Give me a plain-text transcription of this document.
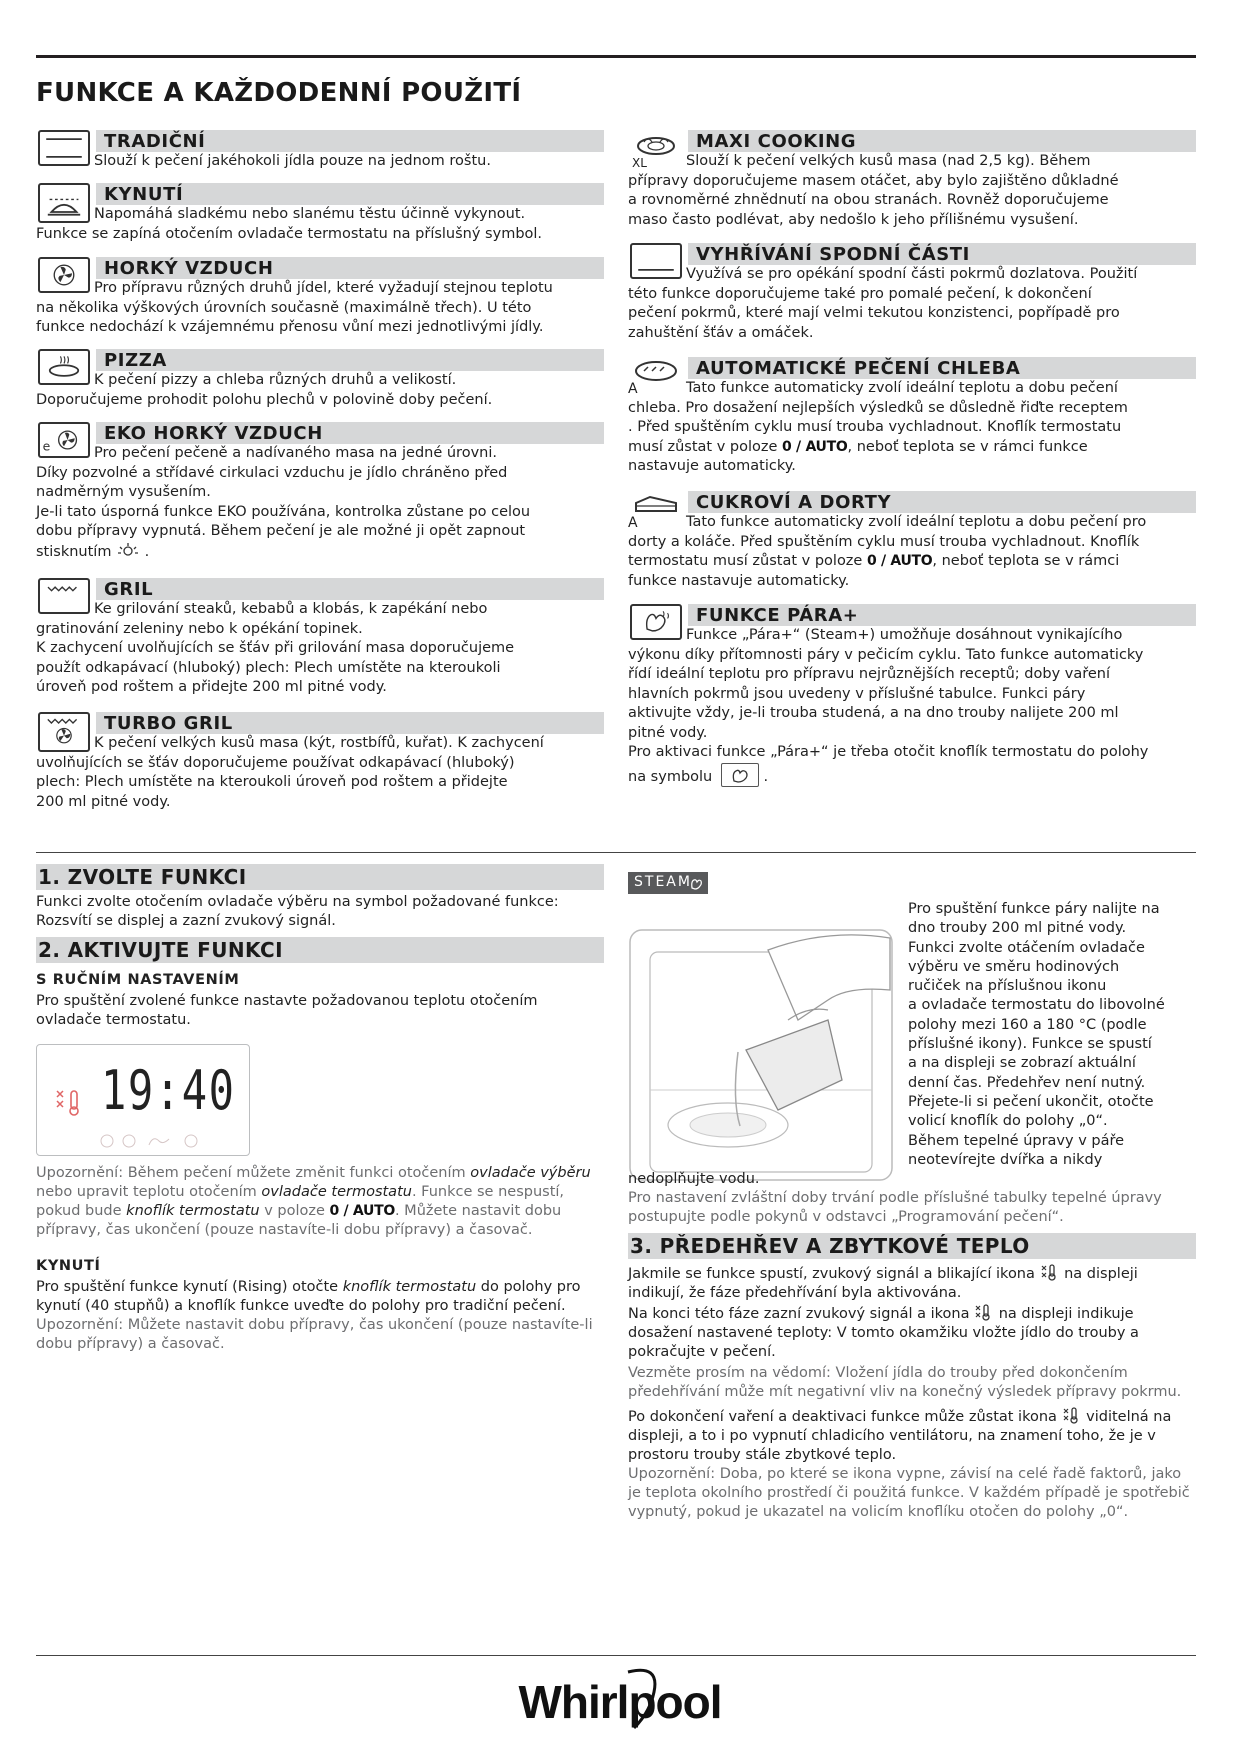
FUNKCE A KAŽDODENNÍ POUŽITÍ
TRADIČNÍ
Slouží k pečení jakéhokoli jídla pouze na jednom roštu.
KYNUTÍ
Napomáhá sladkému nebo slanému těstu účinně vykynout.
Funkce se zapíná otočením ovladače termostatu na příslušný symbol.
HORKÝ VZDUCH
Pro přípravu různých druhů jídel, které vyžadují stejnou teplotu
na několika výškových úrovních současně (maximálně třech). U této
funkce nedochází k vzájemnému přenosu vůní mezi jednotlivými jídly.
PIZZA
K pečení pizzy a chleba různých druhů a velikostí.
Doporučujeme prohodit polohu plechů v polovině doby pečení.
e
EKO HORKÝ VZDUCH
Pro pečení pečeně a nadívaného masa na jedné úrovni.
Díky pozvolné a střídavé cirkulaci vzduchu je jídlo chráněno před
nadměrným vysušením.
Je-li tato úsporná funkce EKO používána, kontrolka zůstane po celou
dobu přípravy vypnutá. Během pečení je ale možné ji opět zapnout
stisknutím .
GRIL
Ke grilování steaků, kebabů a klobás, k zapékání nebo
gratinování zeleniny nebo k opékání topinek.
K zachycení uvolňujících se šťáv při grilování masa doporučujeme
použít odkapávací (hluboký) plech: Plech umístěte na kteroukoli
úroveň pod roštem a přidejte 200 ml pitné vody.
TURBO GRIL
K pečení velkých kusů masa (kýt, rostbífů, kuřat). K zachycení
uvolňujících se šťáv doporučujeme používat odkapávací (hluboký)
plech: Plech umístěte na kteroukoli úroveň pod roštem a přidejte
200 ml pitné vody.
XL
MAXI COOKING
Slouží k pečení velkých kusů masa (nad 2,5 kg). Během
přípravy doporučujeme masem otáčet, aby bylo zajištěno důkladné
a rovnoměrné zhnědnutí na obou stranách. Rovněž doporučujeme
maso často podlévat, aby nedošlo k jeho přílišnému vysušení.
VYHŘÍVÁNÍ SPODNÍ ČÁSTI
Využívá se pro opékání spodní části pokrmů dozlatova. Použití
této funkce doporučujeme také pro pomalé pečení, k dokončení
pečení pokrmů, které mají velmi tekutou konzistenci, popřípadě pro
zahuštění šťáv a omáček.
A
AUTOMATICKÉ PEČENÍ CHLEBA
Tato funkce automaticky zvolí ideální teplotu a dobu pečení
chleba. Pro dosažení nejlepších výsledků se důsledně řiďte receptem
. Před spuštěním cyklu musí trouba vychladnout. Knoflík termostatu
musí zůstat v poloze 0 / AUTO, neboť teplota se v rámci funkce
nastavuje automaticky.
A
CUKROVÍ A DORTY
Tato funkce automaticky zvolí ideální teplotu a dobu pečení pro
dorty a koláče. Před spuštěním cyklu musí trouba vychladnout. Knoflík
termostatu musí zůstat v poloze 0 / AUTO, neboť teplota se v rámci
funkce nastavuje automaticky.
FUNKCE PÁRA+
Funkce „Pára+“ (Steam+) umožňuje dosáhnout vynikajícího
výkonu díky přítomnosti páry v pečicím cyklu. Tato funkce automaticky
řídí ideální teplotu pro přípravu nejrůznějších receptů; doby vaření
hlavních pokrmů jsou uvedeny v příslušné tabulce. Funkci páry
aktivujte vždy, je-li trouba studená, a na dno trouby nalijete 200 ml
pitné vody.
Pro aktivaci funkce „Pára+“ je třeba otočit knoflík termostatu do polohy
na symbolu	.
1. ZVOLTE FUNKCI

Funkci zvolte otočením ovladače výběru na symbol požadované funkce: Rozsvítí se displej a zazní zvukový signál.

2. AKTIVUJTE FUNKCI
S RUČNÍM NASTAVENÍM

Pro spuštění zvolené funkce nastavte požadovanou teplotu otočením ovladače termostatu.

Upozornění: Během pečení můžete změnit funkci otočením ovladače výběru nebo upravit teplotu otočením ovladače termostatu. Funkce se nespustí, pokud bude knoflík termostatu v poloze 0 / AUTO. Můžete nastavit dobu přípravy, čas ukončení (pouze nastavíte-li dobu přípravy) a časovač.

KYNUTÍ

Pro spuštění funkce kynutí (Rising) otočte knoflík termostatu do polohy pro kynutí (40 stupňů) a knoflík funkce uveďte do polohy pro tradiční pečení.

Upozornění: Můžete nastavit dobu přípravy, čas ukončení (pouze nastavíte-li dobu přípravy) a časovač.

19:40
STEAM
Pro spuštění funkce páry nalijte na
dno trouby 200 ml pitné vody.
Funkci zvolte otáčením ovladače
výběru ve směru hodinových
ručiček na příslušnou ikonu
a ovladače termostatu do libovolné
polohy mezi 160 a 180 °C (podle
příslušné ikony). Funkce se spustí
a na displeji se zobrazí aktuální
denní čas. Předehřev není nutný.
Přejete-li si pečení ukončit, otočte
volicí knoflík do polohy „0“.
Během tepelné úpravy v páře
neotevírejte dvířka a nikdy

nedoplňujte vodu.

Pro nastavení zvláštní doby trvání podle příslušné tabulky tepelné úpravy postupujte podle pokynů v odstavci „Programování pečení“.

3. PŘEDEHŘEV A ZBYTKOVÉ TEPLO

Jakmile se funkce spustí, zvukový signál a blikající ikona na displeji indikují, že fáze předehřívání byla aktivována.

Na konci této fáze zazní zvukový signál a ikona na displeji indikuje dosažení nastavené teploty: V tomto okamžiku vložte jídlo do trouby a pokračujte v pečení.

Vezměte prosím na vědomí: Vložení jídla do trouby před dokončením předehřívání může mít negativní vliv na konečný výsledek přípravy pokrmu.

Po dokončení vaření a deaktivaci funkce může zůstat ikona viditelná na displeji, a to i po vypnutí chladicího ventilátoru, na znamení toho, že je v prostoru trouby stále zbytkové teplo.

Upozornění: Doba, po které se ikona vypne, závisí na celé řadě faktorů, jako je teplota okolního prostředí či použitá funkce. V každém případě je spotřebič vypnutý, pokud je ukazatel na volicím knoflíku otočen do polohy „0“.

Whirlpool
